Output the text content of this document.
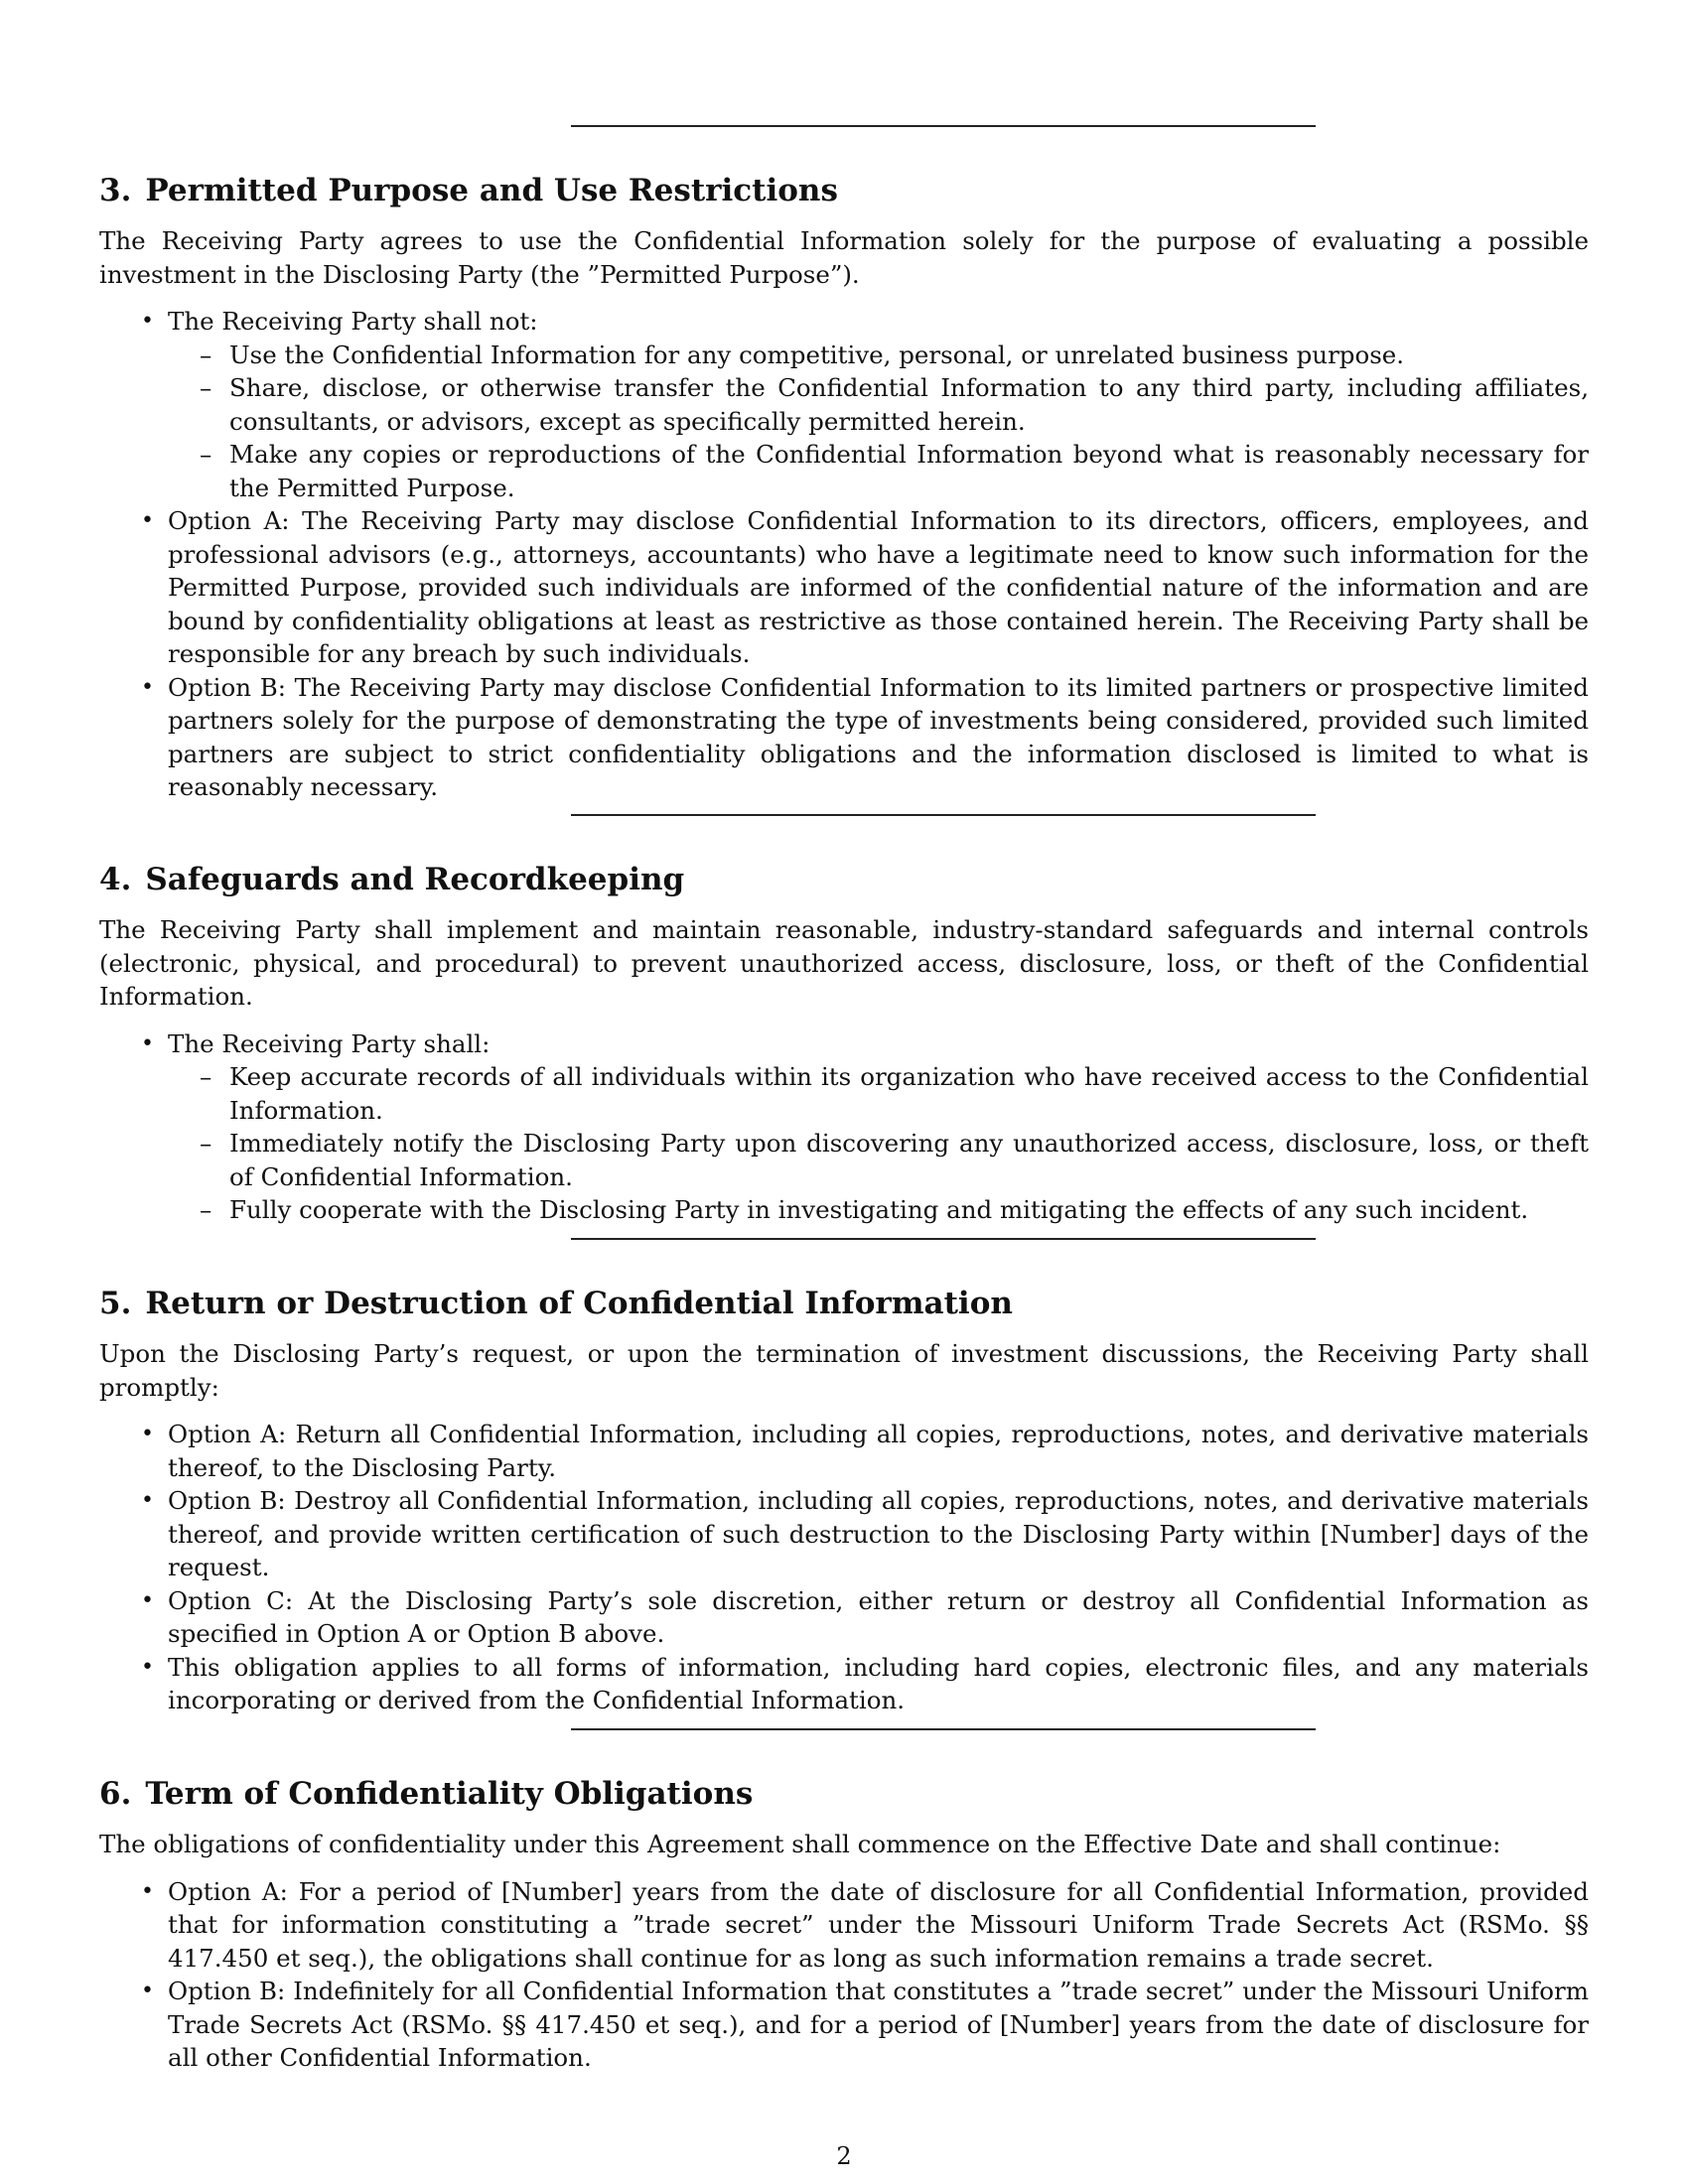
3. Permitted Purpose and Use Restrictions

The Receiving Party agrees to use the Confidential Information solely for the purpose of evaluating a possible investment in the Disclosing Party (the ”Permitted Purpose”).

• The Receiving Party shall not:
– Use the Confidential Information for any competitive, personal, or unrelated business purpose.
– Share, disclose, or otherwise transfer the Confidential Information to any third party, including affiliates, consultants, or advisors, except as specifically permitted herein.
– Make any copies or reproductions of the Confidential Information beyond what is reasonably necessary for the Permitted Purpose.
• Option A: The Receiving Party may disclose Confidential Information to its directors, officers, employees, and professional advisors (e.g., attorneys, accountants) who have a legitimate need to know such information for the Permitted Purpose, provided such individuals are informed of the confidential nature of the information and are bound by confidentiality obligations at least as restrictive as those contained herein. The Receiving Party shall be responsible for any breach by such individuals.
• Option B: The Receiving Party may disclose Confidential Information to its limited partners or prospective limited partners solely for the purpose of demonstrating the type of investments being considered, provided such limited partners are subject to strict confidentiality obligations and the information disclosed is limited to what is reasonably necessary.
4. Safeguards and Recordkeeping

The Receiving Party shall implement and maintain reasonable, industry-standard safeguards and internal controls (electronic, physical, and procedural) to prevent unauthorized access, disclosure, loss, or theft of the Confidential Information.

• The Receiving Party shall:
– Keep accurate records of all individuals within its organization who have received access to the Confidential Information.
– Immediately notify the Disclosing Party upon discovering any unauthorized access, disclosure, loss, or theft of Confidential Information.
– Fully cooperate with the Disclosing Party in investigating and mitigating the effects of any such incident.
5. Return or Destruction of Confidential Information

Upon the Disclosing Party’s request, or upon the termination of investment discussions, the Receiving Party shall promptly:

• Option A: Return all Confidential Information, including all copies, reproductions, notes, and derivative materials thereof, to the Disclosing Party.
• Option B: Destroy all Confidential Information, including all copies, reproductions, notes, and derivative materials thereof, and provide written certification of such destruction to the Disclosing Party within [Number] days of the request.
• Option C: At the Disclosing Party’s sole discretion, either return or destroy all Confidential Information as specified in Option A or Option B above.
• This obligation applies to all forms of information, including hard copies, electronic files, and any materials incorporating or derived from the Confidential Information.
6. Term of Confidentiality Obligations

The obligations of confidentiality under this Agreement shall commence on the Effective Date and shall continue:

• Option A: For a period of [Number] years from the date of disclosure for all Confidential Information, provided that for information constituting a ”trade secret” under the Missouri Uniform Trade Secrets Act (RSMo. §§ 417.450 et seq.), the obligations shall continue for as long as such information remains a trade secret.
• Option B: Indefinitely for all Confidential Information that constitutes a ”trade secret” under the Missouri Uniform Trade Secrets Act (RSMo. §§ 417.450 et seq.), and for a period of [Number] years from the date of disclosure for all other Confidential Information.
2
